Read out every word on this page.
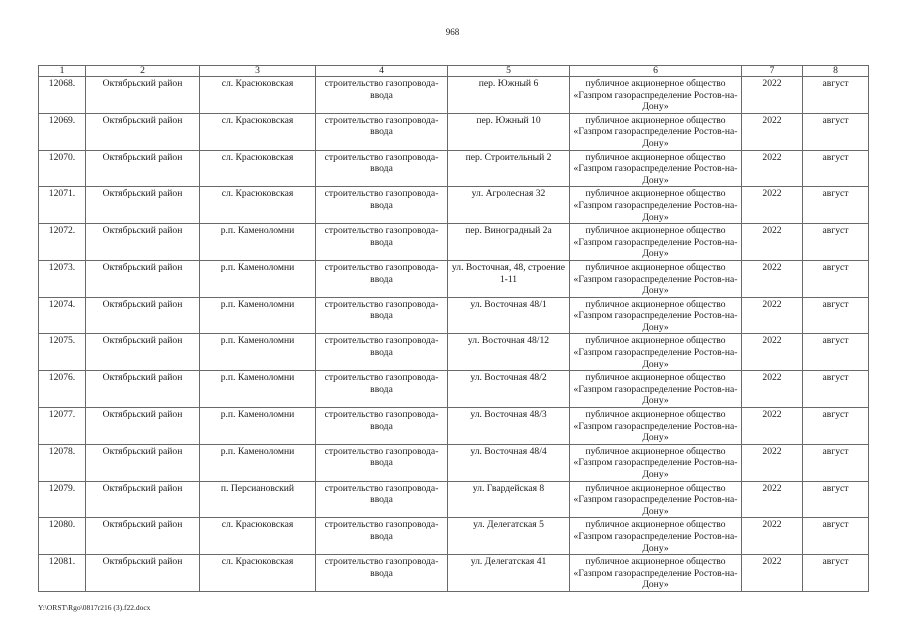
968
1	2	3	4	5	6	7	8
12068.	Октябрьский район	сл. Красюковская	строительство газопровода-ввода	пер. Южный 6	публичное акционерное общество «Газпром газораспределение Ростов-на-Дону»	2022	август
12069.	Октябрьский район	сл. Красюковская	строительство газопровода-ввода	пер. Южный 10	публичное акционерное общество «Газпром газораспределение Ростов-на-Дону»	2022	август
12070.	Октябрьский район	сл. Красюковская	строительство газопровода-ввода	пер. Строительный 2	публичное акционерное общество «Газпром газораспределение Ростов-на-Дону»	2022	август
12071.	Октябрьский район	сл. Красюковская	строительство газопровода-ввода	ул. Агролесная 32	публичное акционерное общество «Газпром газораспределение Ростов-на-Дону»	2022	август
12072.	Октябрьский район	р.п. Каменоломни	строительство газопровода-ввода	пер. Виноградный 2а	публичное акционерное общество «Газпром газораспределение Ростов-на-Дону»	2022	август
12073.	Октябрьский район	р.п. Каменоломни	строительство газопровода-ввода	ул. Восточная, 48, строение 1-11	публичное акционерное общество «Газпром газораспределение Ростов-на-Дону»	2022	август
12074.	Октябрьский район	р.п. Каменоломни	строительство газопровода-ввода	ул. Восточная 48/1	публичное акционерное общество «Газпром газораспределение Ростов-на-Дону»	2022	август
12075.	Октябрьский район	р.п. Каменоломни	строительство газопровода-ввода	ул. Восточная 48/12	публичное акционерное общество «Газпром газораспределение Ростов-на-Дону»	2022	август
12076.	Октябрьский район	р.п. Каменоломни	строительство газопровода-ввода	ул. Восточная 48/2	публичное акционерное общество «Газпром газораспределение Ростов-на-Дону»	2022	август
12077.	Октябрьский район	р.п. Каменоломни	строительство газопровода-ввода	ул. Восточная 48/3	публичное акционерное общество «Газпром газораспределение Ростов-на-Дону»	2022	август
12078.	Октябрьский район	р.п. Каменоломни	строительство газопровода-ввода	ул. Восточная 48/4	публичное акционерное общество «Газпром газораспределение Ростов-на-Дону»	2022	август
12079.	Октябрьский район	п. Персиановский	строительство газопровода-ввода	ул. Гвардейская 8	публичное акционерное общество «Газпром газораспределение Ростов-на-Дону»	2022	август
12080.	Октябрьский район	сл. Красюковская	строительство газопровода-ввода	ул. Делегатская 5	публичное акционерное общество «Газпром газораспределение Ростов-на-Дону»	2022	август
12081.	Октябрьский район	сл. Красюковская	строительство газопровода-ввода	ул. Делегатская 41	публичное акционерное общество «Газпром газораспределение Ростов-на-Дону»	2022	август
Y:\ORST\Rgo\0817r216 (3).f22.docx
